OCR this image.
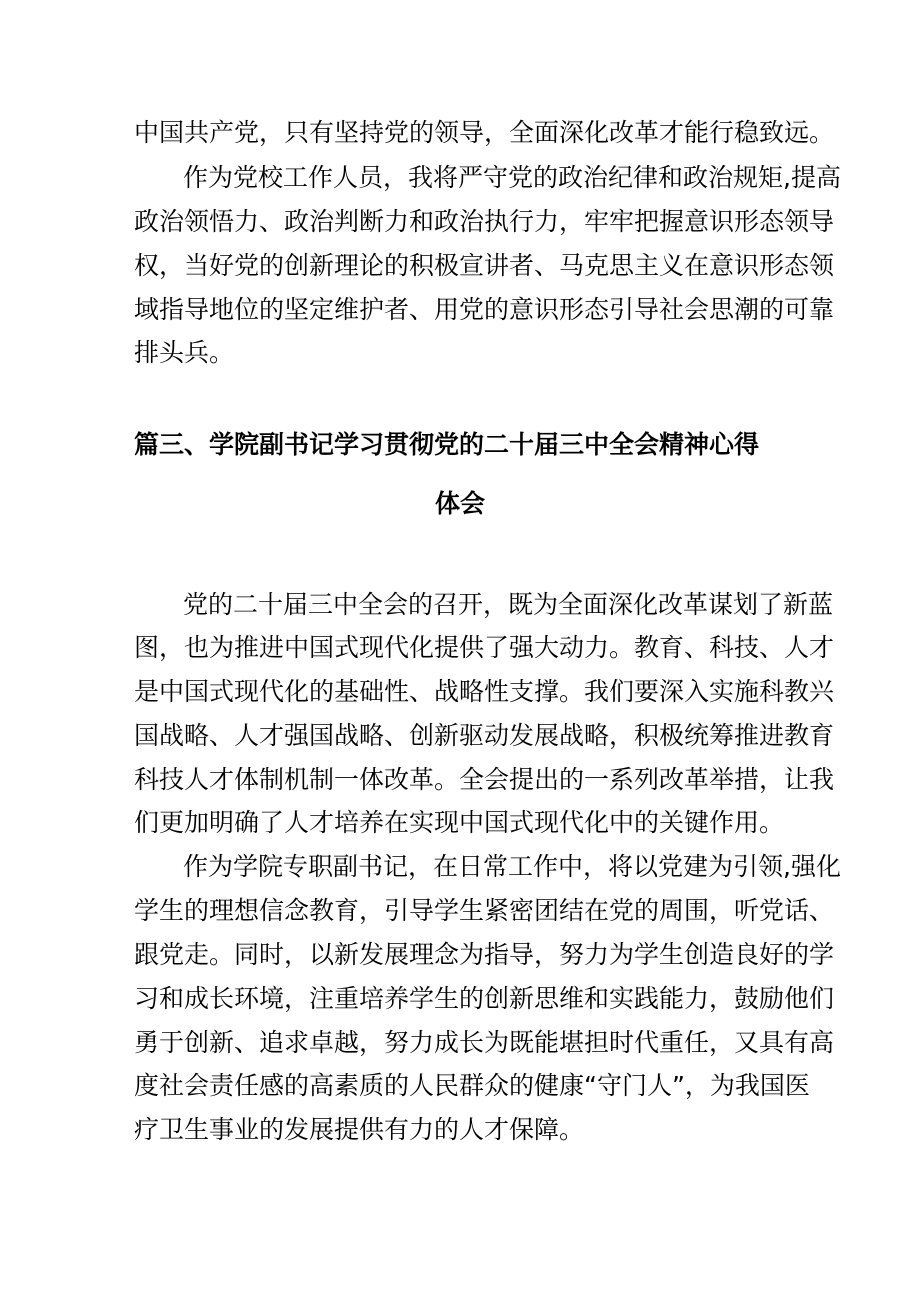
中国共产党，只有坚持党的领导，全面深化改革才能行稳致远。
作为党校工作人员，我将严守党的政治纪律和政治规矩,提高
政治领悟力、政治判断力和政治执行力，牢牢把握意识形态领导
权，当好党的创新理论的积极宣讲者、马克思主义在意识形态领
域指导地位的坚定维护者、用党的意识形态引导社会思潮的可靠
排头兵。
篇三、学院副书记学习贯彻党的二十届三中全会精神心得
体会
党的二十届三中全会的召开，既为全面深化改革谋划了新蓝
图，也为推进中国式现代化提供了强大动力。教育、科技、人才
是中国式现代化的基础性、战略性支撑。我们要深入实施科教兴
国战略、人才强国战略、创新驱动发展战略，积极统筹推进教育
科技人才体制机制一体改革。全会提出的一系列改革举措，让我
们更加明确了人才培养在实现中国式现代化中的关键作用。
作为学院专职副书记，在日常工作中，将以党建为引领,强化
学生的理想信念教育，引导学生紧密团结在党的周围，听党话、
跟党走。同时，以新发展理念为指导，努力为学生创造良好的学
习和成长环境，注重培养学生的创新思维和实践能力，鼓励他们
勇于创新、追求卓越，努力成长为既能堪担时代重任，又具有高
度社会责任感的高素质的人民群众的健康“守门人”，为我国医
疗卫生事业的发展提供有力的人才保障。
